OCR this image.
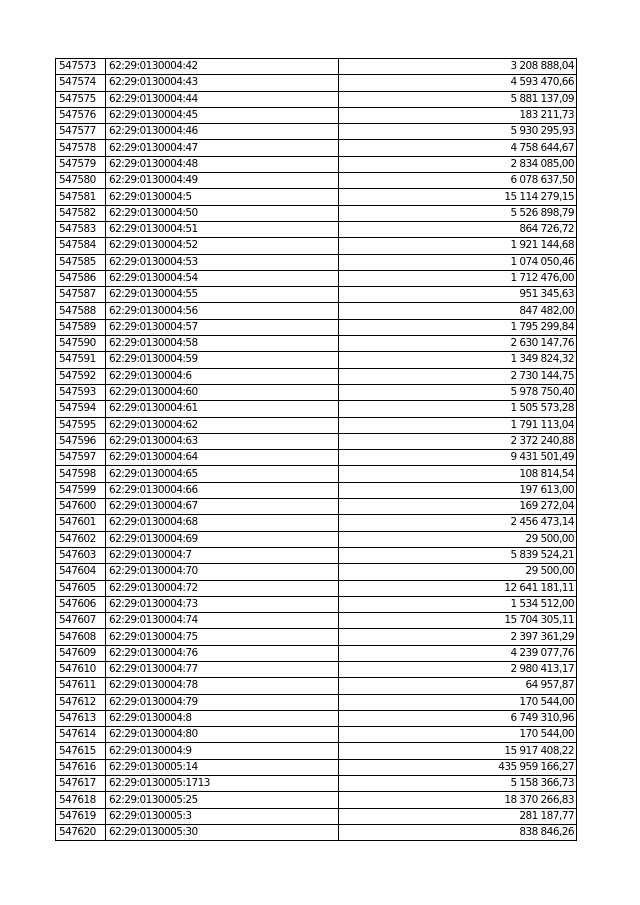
547573	62:29:0130004:42	3 208 888,04
547574	62:29:0130004:43	4 593 470,66
547575	62:29:0130004:44	5 881 137,09
547576	62:29:0130004:45	183 211,73
547577	62:29:0130004:46	5 930 295,93
547578	62:29:0130004:47	4 758 644,67
547579	62:29:0130004:48	2 834 085,00
547580	62:29:0130004:49	6 078 637,50
547581	62:29:0130004:5	15 114 279,15
547582	62:29:0130004:50	5 526 898,79
547583	62:29:0130004:51	864 726,72
547584	62:29:0130004:52	1 921 144,68
547585	62:29:0130004:53	1 074 050,46
547586	62:29:0130004:54	1 712 476,00
547587	62:29:0130004:55	951 345,63
547588	62:29:0130004:56	847 482,00
547589	62:29:0130004:57	1 795 299,84
547590	62:29:0130004:58	2 630 147,76
547591	62:29:0130004:59	1 349 824,32
547592	62:29:0130004:6	2 730 144,75
547593	62:29:0130004:60	5 978 750,40
547594	62:29:0130004:61	1 505 573,28
547595	62:29:0130004:62	1 791 113,04
547596	62:29:0130004:63	2 372 240,88
547597	62:29:0130004:64	9 431 501,49
547598	62:29:0130004:65	108 814,54
547599	62:29:0130004:66	197 613,00
547600	62:29:0130004:67	169 272,04
547601	62:29:0130004:68	2 456 473,14
547602	62:29:0130004:69	29 500,00
547603	62:29:0130004:7	5 839 524,21
547604	62:29:0130004:70	29 500,00
547605	62:29:0130004:72	12 641 181,11
547606	62:29:0130004:73	1 534 512,00
547607	62:29:0130004:74	15 704 305,11
547608	62:29:0130004:75	2 397 361,29
547609	62:29:0130004:76	4 239 077,76
547610	62:29:0130004:77	2 980 413,17
547611	62:29:0130004:78	64 957,87
547612	62:29:0130004:79	170 544,00
547613	62:29:0130004:8	6 749 310,96
547614	62:29:0130004:80	170 544,00
547615	62:29:0130004:9	15 917 408,22
547616	62:29:0130005:14	435 959 166,27
547617	62:29:0130005:1713	5 158 366,73
547618	62:29:0130005:25	18 370 266,83
547619	62:29:0130005:3	281 187,77
547620	62:29:0130005:30	838 846,26
